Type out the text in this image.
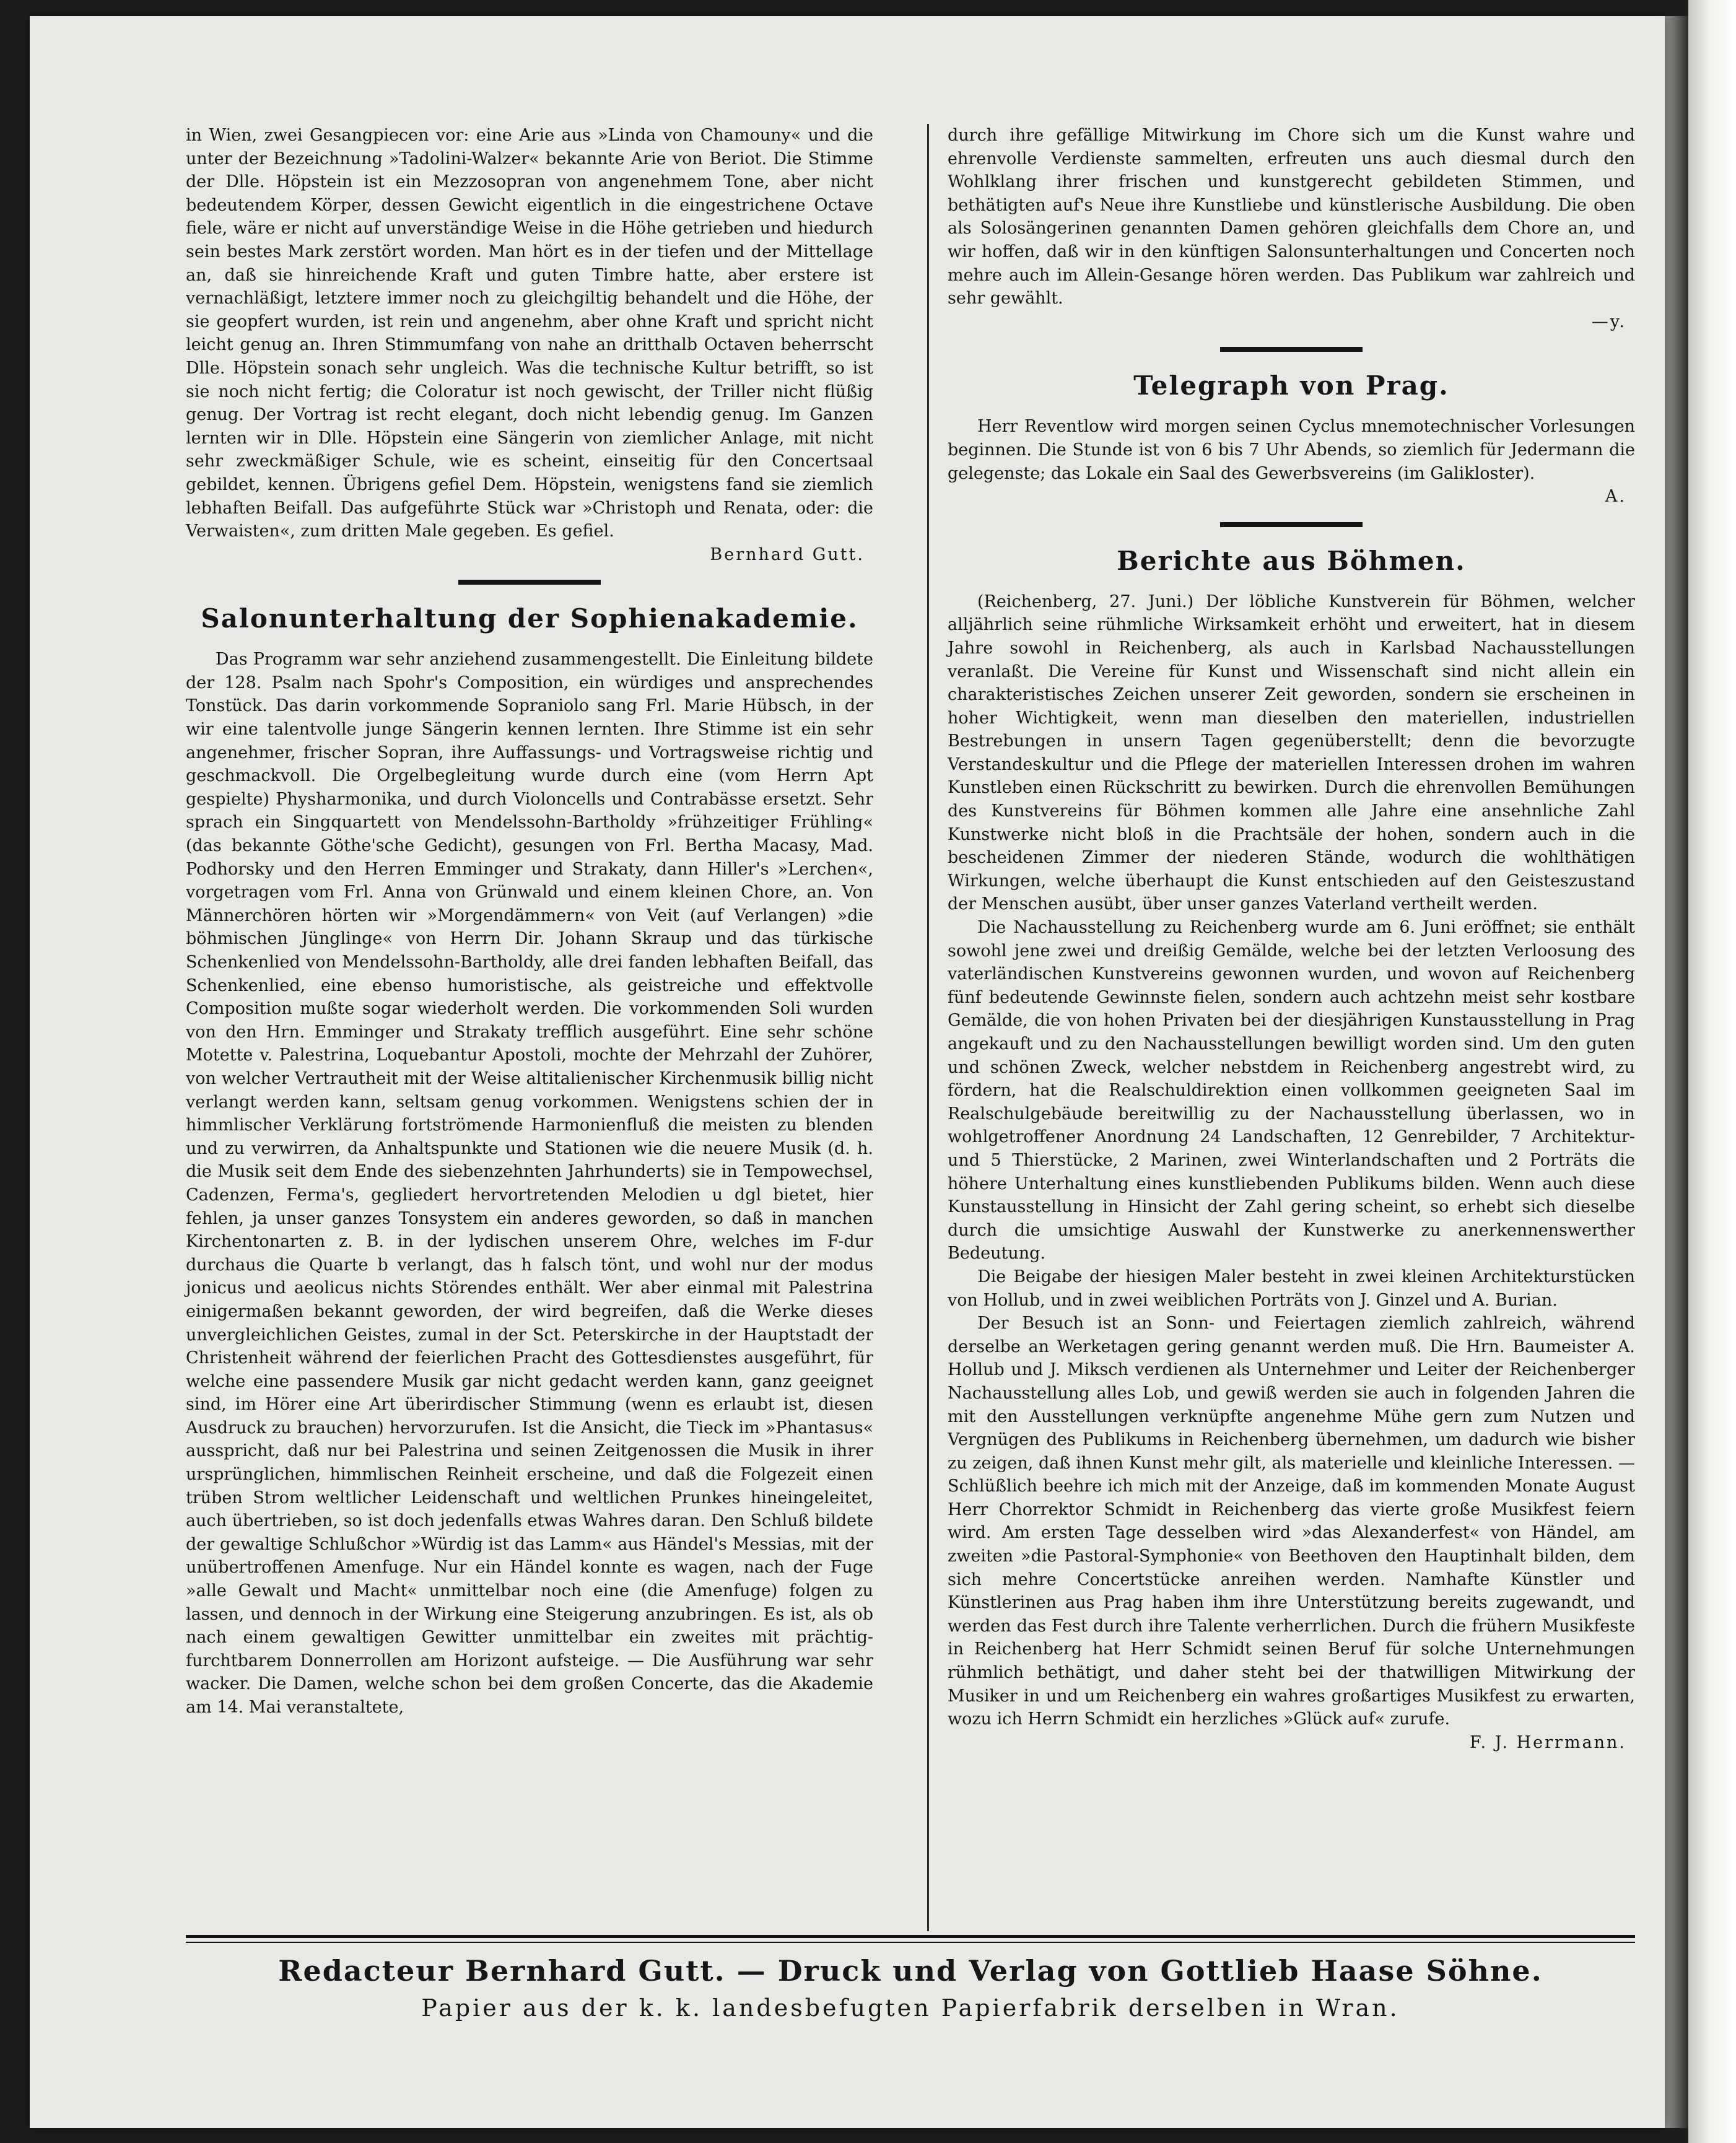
in Wien, zwei Gesangpiecen vor: eine Arie aus »Linda von Chamouny« und die unter der Bezeichnung »Tadolini-Walzer« bekannte Arie von Beriot. Die Stimme der Dlle. Höpstein ist ein Mezzosopran von angenehmem Tone, aber nicht bedeutendem Körper, dessen Gewicht eigentlich in die eingestrichene Octave fiele, wäre er nicht auf unverständige Weise in die Höhe getrieben und hiedurch sein bestes Mark zerstört worden. Man hört es in der tiefen und der Mittellage an, daß sie hinreichende Kraft und guten Timbre hatte, aber erstere ist vernachläßigt, letztere immer noch zu gleichgiltig behandelt und die Höhe, der sie geopfert wurden, ist rein und angenehm, aber ohne Kraft und spricht nicht leicht genug an. Ihren Stimmumfang von nahe an dritthalb Octaven beherrscht Dlle. Höpstein sonach sehr ungleich. Was die technische Kultur betrifft, so ist sie noch nicht fertig; die Coloratur ist noch gewischt, der Triller nicht flüßig genug. Der Vortrag ist recht elegant, doch nicht lebendig genug. Im Ganzen lernten wir in Dlle. Höpstein eine Sängerin von ziemlicher Anlage, mit nicht sehr zweckmäßiger Schule, wie es scheint, einseitig für den Concertsaal gebildet, kennen. Übrigens gefiel Dem. Höpstein, wenigstens fand sie ziemlich lebhaften Beifall. Das aufgeführte Stück war »Christoph und Renata, oder: die Verwaisten«, zum dritten Male gegeben. Es gefiel.

Bernhard Gutt.

Salonunterhaltung der Sophienakademie.

Das Programm war sehr anziehend zusammengestellt. Die Einleitung bildete der 128. Psalm nach Spohr's Composition, ein würdiges und ansprechendes Tonstück. Das darin vorkommende Sopraniolo sang Frl. Marie Hübsch, in der wir eine talentvolle junge Sängerin kennen lernten. Ihre Stimme ist ein sehr angenehmer, frischer Sopran, ihre Auffassungs- und Vortragsweise richtig und geschmackvoll. Die Orgelbegleitung wurde durch eine (vom Herrn Apt gespielte) Physharmonika, und durch Violoncells und Contrabässe ersetzt. Sehr sprach ein Singquartett von Mendelssohn-Bartholdy »frühzeitiger Frühling« (das bekannte Göthe'sche Gedicht), gesungen von Frl. Bertha Macasy, Mad. Podhorsky und den Herren Emminger und Strakaty, dann Hiller's »Lerchen«, vorgetragen vom Frl. Anna von Grünwald und einem kleinen Chore, an. Von Männerchören hörten wir »Morgendämmern« von Veit (auf Verlangen) »die böhmischen Jünglinge« von Herrn Dir. Johann Skraup und das türkische Schenkenlied von Mendelssohn-Bartholdy, alle drei fanden lebhaften Beifall, das Schenkenlied, eine ebenso humoristische, als geistreiche und effektvolle Composition mußte sogar wiederholt werden. Die vorkommenden Soli wurden von den Hrn. Emminger und Strakaty trefflich ausgeführt. Eine sehr schöne Motette v. Palestrina, Loquebantur Apostoli, mochte der Mehrzahl der Zuhörer, von welcher Vertrautheit mit der Weise altitalienischer Kirchenmusik billig nicht verlangt werden kann, seltsam genug vorkommen. Wenigstens schien der in himmlischer Verklärung fortströmende Harmonienfluß die meisten zu blenden und zu verwirren, da Anhaltspunkte und Stationen wie die neuere Musik (d. h. die Musik seit dem Ende des siebenzehnten Jahrhunderts) sie in Tempowechsel, Cadenzen, Ferma's, gegliedert hervortretenden Melodien u dgl bietet, hier fehlen, ja unser ganzes Tonsystem ein anderes geworden, so daß in manchen Kirchentonarten z. B. in der lydischen unserem Ohre, welches im F-dur durchaus die Quarte b verlangt, das h falsch tönt, und wohl nur der modus jonicus und aeolicus nichts Störendes enthält. Wer aber einmal mit Palestrina einigermaßen bekannt geworden, der wird begreifen, daß die Werke dieses unvergleichlichen Geistes, zumal in der Sct. Peterskirche in der Hauptstadt der Christenheit während der feierlichen Pracht des Gottesdienstes ausgeführt, für welche eine passendere Musik gar nicht gedacht werden kann, ganz geeignet sind, im Hörer eine Art überirdischer Stimmung (wenn es erlaubt ist, diesen Ausdruck zu brauchen) hervorzurufen. Ist die Ansicht, die Tieck im »Phantasus« ausspricht, daß nur bei Palestrina und seinen Zeitgenossen die Musik in ihrer ursprünglichen, himmlischen Reinheit erscheine, und daß die Folgezeit einen trüben Strom weltlicher Leidenschaft und weltlichen Prunkes hineingeleitet, auch übertrieben, so ist doch jedenfalls etwas Wahres daran. Den Schluß bildete der gewaltige Schlußchor »Würdig ist das Lamm« aus Händel's Messias, mit der unübertroffenen Amenfuge. Nur ein Händel konnte es wagen, nach der Fuge »alle Gewalt und Macht« unmittelbar noch eine (die Amenfuge) folgen zu lassen, und dennoch in der Wirkung eine Steigerung anzubringen. Es ist, als ob nach einem gewaltigen Gewitter unmittelbar ein zweites mit prächtig-furchtbarem Donnerrollen am Horizont aufsteige. — Die Ausführung war sehr wacker. Die Damen, welche schon bei dem großen Concerte, das die Akademie am 14. Mai veranstaltete,

durch ihre gefällige Mitwirkung im Chore sich um die Kunst wahre und ehrenvolle Verdienste sammelten, erfreuten uns auch diesmal durch den Wohlklang ihrer frischen und kunstgerecht gebildeten Stimmen, und bethätigten auf's Neue ihre Kunstliebe und künstlerische Ausbildung. Die oben als Solosängerinen genannten Damen gehören gleichfalls dem Chore an, und wir hoffen, daß wir in den künftigen Salonsunterhaltungen und Concerten noch mehre auch im Allein-Gesange hören werden. Das Publikum war zahlreich und sehr gewählt.

—y.

Telegraph von Prag.

Herr Reventlow wird morgen seinen Cyclus mnemotechnischer Vorlesungen beginnen. Die Stunde ist von 6 bis 7 Uhr Abends, so ziemlich für Jedermann die gelegenste; das Lokale ein Saal des Gewerbsvereins (im Galikloster).

A.

Berichte aus Böhmen.

(Reichenberg, 27. Juni.) Der löbliche Kunstverein für Böhmen, welcher alljährlich seine rühmliche Wirksamkeit erhöht und erweitert, hat in diesem Jahre sowohl in Reichenberg, als auch in Karlsbad Nachausstellungen veranlaßt. Die Vereine für Kunst und Wissenschaft sind nicht allein ein charakteristisches Zeichen unserer Zeit geworden, sondern sie erscheinen in hoher Wichtigkeit, wenn man dieselben den materiellen, industriellen Bestrebungen in unsern Tagen gegenüberstellt; denn die bevorzugte Verstandeskultur und die Pflege der materiellen Interessen drohen im wahren Kunstleben einen Rückschritt zu bewirken. Durch die ehrenvollen Bemühungen des Kunstvereins für Böhmen kommen alle Jahre eine ansehnliche Zahl Kunstwerke nicht bloß in die Prachtsäle der hohen, sondern auch in die bescheidenen Zimmer der niederen Stände, wodurch die wohlthätigen Wirkungen, welche überhaupt die Kunst entschieden auf den Geisteszustand der Menschen ausübt, über unser ganzes Vaterland vertheilt werden.

Die Nachausstellung zu Reichenberg wurde am 6. Juni eröffnet; sie enthält sowohl jene zwei und dreißig Gemälde, welche bei der letzten Verloosung des vaterländischen Kunstvereins gewonnen wurden, und wovon auf Reichenberg fünf bedeutende Gewinnste fielen, sondern auch achtzehn meist sehr kostbare Gemälde, die von hohen Privaten bei der diesjährigen Kunstausstellung in Prag angekauft und zu den Nachausstellungen bewilligt worden sind. Um den guten und schönen Zweck, welcher nebstdem in Reichenberg angestrebt wird, zu fördern, hat die Realschuldirektion einen vollkommen geeigneten Saal im Realschulgebäude bereitwillig zu der Nachausstellung überlassen, wo in wohlgetroffener Anordnung 24 Landschaften, 12 Genrebilder, 7 Architektur- und 5 Thierstücke, 2 Marinen, zwei Winterlandschaften und 2 Porträts die höhere Unterhaltung eines kunstliebenden Publikums bilden. Wenn auch diese Kunstausstellung in Hinsicht der Zahl gering scheint, so erhebt sich dieselbe durch die umsichtige Auswahl der Kunstwerke zu anerkennenswerther Bedeutung.

Die Beigabe der hiesigen Maler besteht in zwei kleinen Architekturstücken von Hollub, und in zwei weiblichen Porträts von J. Ginzel und A. Burian.

Der Besuch ist an Sonn- und Feiertagen ziemlich zahlreich, während derselbe an Werketagen gering genannt werden muß. Die Hrn. Baumeister A. Hollub und J. Miksch verdienen als Unternehmer und Leiter der Reichenberger Nachausstellung alles Lob, und gewiß werden sie auch in folgenden Jahren die mit den Ausstellungen verknüpfte angenehme Mühe gern zum Nutzen und Vergnügen des Publikums in Reichenberg übernehmen, um dadurch wie bisher zu zeigen, daß ihnen Kunst mehr gilt, als materielle und kleinliche Interessen. — Schlüßlich beehre ich mich mit der Anzeige, daß im kommenden Monate August Herr Chorrektor Schmidt in Reichenberg das vierte große Musikfest feiern wird. Am ersten Tage desselben wird »das Alexanderfest« von Händel, am zweiten »die Pastoral-Symphonie« von Beethoven den Hauptinhalt bilden, dem sich mehre Concertstücke anreihen werden. Namhafte Künstler und Künstlerinen aus Prag haben ihm ihre Unterstützung bereits zugewandt, und werden das Fest durch ihre Talente verherrlichen. Durch die frühern Musikfeste in Reichenberg hat Herr Schmidt seinen Beruf für solche Unternehmungen rühmlich bethätigt, und daher steht bei der thatwilligen Mitwirkung der Musiker in und um Reichenberg ein wahres großartiges Musikfest zu erwarten, wozu ich Herrn Schmidt ein herzliches »Glück auf« zurufe.

F. J. Herrmann.

Redacteur Bernhard Gutt. — Druck und Verlag von Gottlieb Haase Söhne.

Papier aus der k. k. landesbefugten Papierfabrik derselben in Wran.
